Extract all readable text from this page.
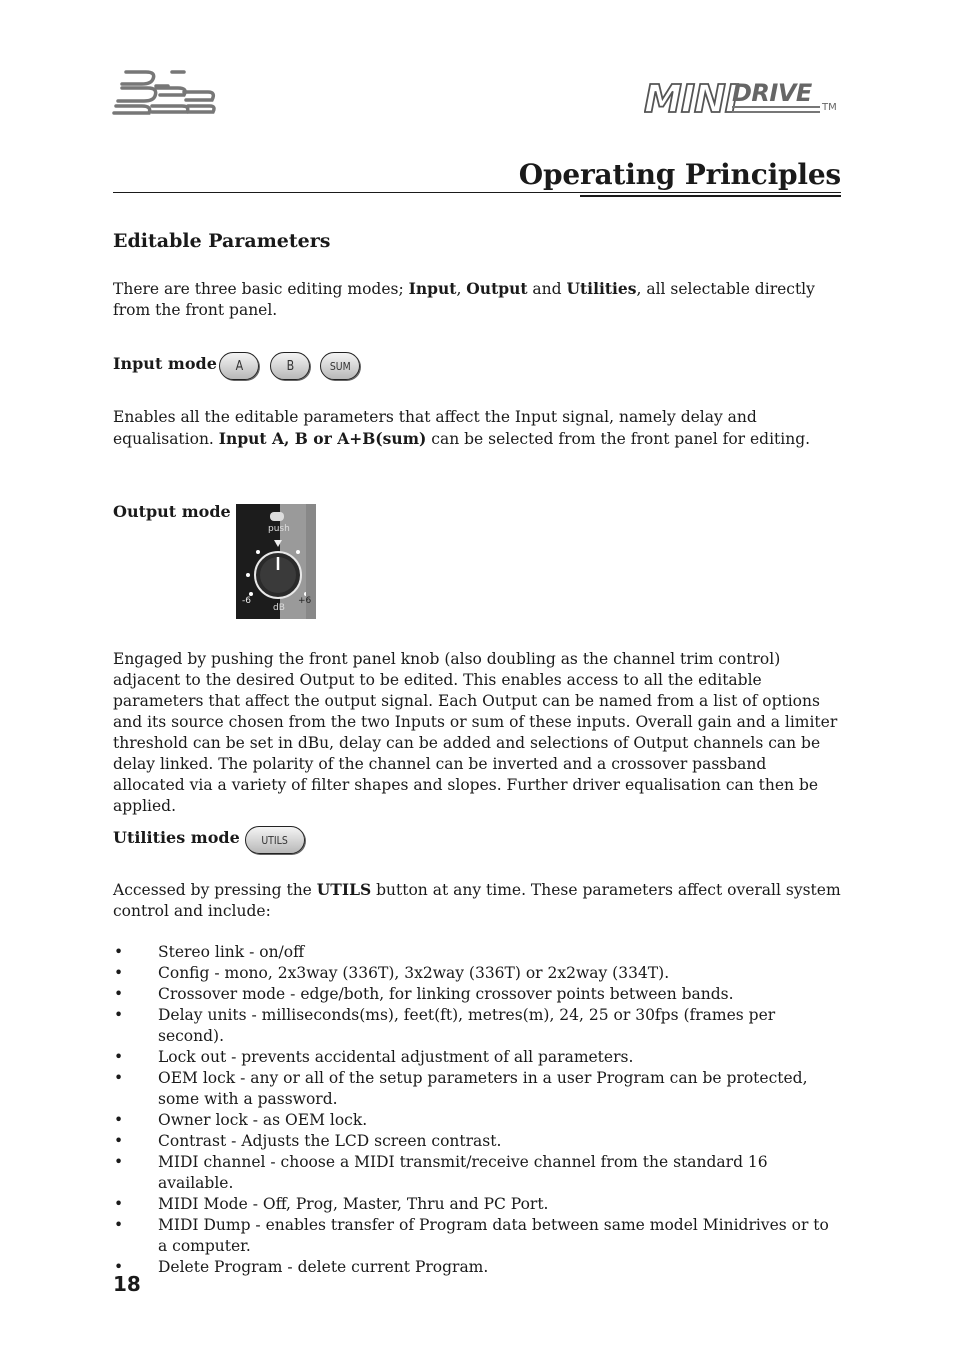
MINI
DRIVE
TM
Operating Principles
Editable Parameters
There are three basic editing modes; Input, Output and Utilities, all selectable directly from the front panel.
Input mode A	B	SUM
Enables all the editable parameters that affect the Input signal, namely delay and equalisation. Input A, B or A+B(sum) can be selected from the front panel for editing.
Output mode
push
-6	+6
dB
Engaged by pushing the front panel knob (also doubling as the channel trim control) adjacent to the desired Output to be edited. This enables access to all the editable parameters that affect the output signal. Each Output can be named from a list of options and its source chosen from the two Inputs or sum of these inputs. Overall gain and a limiter threshold can be set in dBu, delay can be added and selections of Output channels can be delay linked. The polarity of the channel can be inverted and a crossover passband allocated via a variety of filter shapes and slopes. Further driver equalisation can then be applied.
Utilities mode UTILS
Accessed by pressing the UTILS button at any time. These parameters affect overall system control and include:
• Stereo link - on/off
• Config - mono, 2x3way (336T), 3x2way (336T) or 2x2way (334T).
• Crossover mode - edge/both, for linking crossover points between bands.
• Delay units - milliseconds(ms), feet(ft), metres(m), 24, 25 or 30fps (frames per second).
• Lock out - prevents accidental adjustment of all parameters.
• OEM lock - any or all of the setup parameters in a user Program can be protected, some with a password.
• Owner lock - as OEM lock.
• Contrast - Adjusts the LCD screen contrast.
• MIDI channel - choose a MIDI transmit/receive channel from the standard 16 available.
• MIDI Mode - Off, Prog, Master, Thru and PC Port.
• MIDI Dump - enables transfer of Program data between same model Minidrives or to a computer.
• Delete Program - delete current Program.
18
